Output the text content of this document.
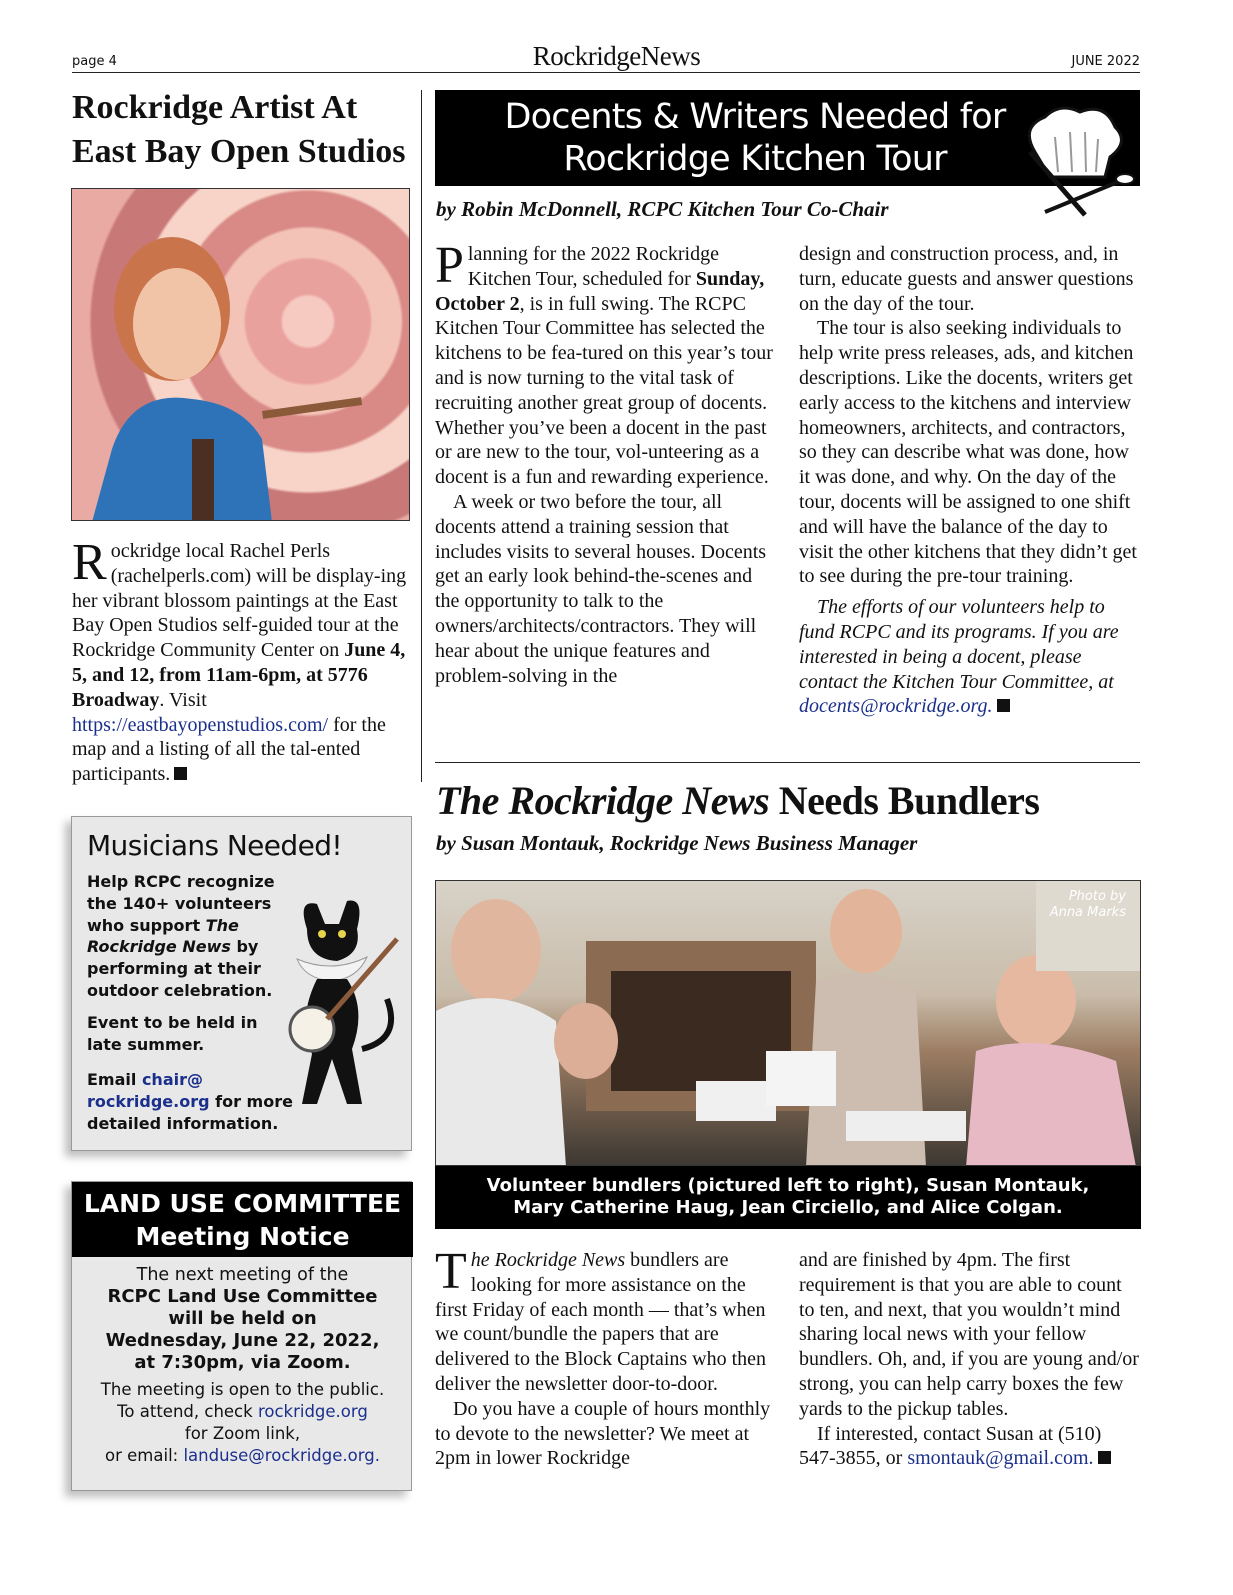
page 4	RockridgeNews	JUNE 2022
Rockridge Artist At
East Bay Open Studios
Rockridge local Rachel Perls (rachelperls.com) will be display-ing her vibrant blossom paintings at the East Bay Open Studios self-guided tour at the Rockridge Community Center on June 4, 5, and 12, from 11am-6pm, at 5776 Broadway. Visit https://eastbayopenstudios.com/ for the map and a listing of all the tal-ented participants.
Musicians Needed!

Help RCPC recognize the 140+ volunteers who support The Rockridge News by performing at their outdoor celebration.

Event to be held in late summer.

Email chair@ rockridge.org for more detailed information.
LAND USE COMMITTEE
Meeting Notice
The next meeting of the
RCPC Land Use Committee
will be held on
Wednesday, June 22, 2022,
at 7:30pm, via Zoom.
The meeting is open to the public.
To attend, check rockridge.org
for Zoom link,
or email: landuse@rockridge.org.
Docents & Writers Needed for
Rockridge Kitchen Tour
by Robin McDonnell, RCPC Kitchen Tour Co-Chair
Planning for the 2022 Rockridge Kitchen Tour, scheduled for Sunday, October 2, is in full swing. The RCPC Kitchen Tour Committee has selected the kitchens to be fea-tured on this year’s tour and is now turning to the vital task of recruiting another great group of docents. Whether you’ve been a docent in the past or are new to the tour, vol-unteering as a docent is a fun and rewarding experience.
A week or two before the tour, all docents attend a training session that includes visits to several houses. Docents get an early look behind-the-scenes and the opportunity to talk to the owners/architects/contractors. They will hear about the unique features and problem-solving in the
design and construction process, and, in turn, educate guests and answer questions on the day of the tour.
The tour is also seeking individuals to help write press releases, ads, and kitchen descriptions. Like the docents, writers get early access to the kitchens and interview homeowners, architects, and contractors, so they can describe what was done, how it was done, and why. On the day of the tour, docents will be assigned to one shift and will have the balance of the day to visit the other kitchens that they didn’t get to see during the pre-tour training.
The efforts of our volunteers help to fund RCPC and its programs. If you are interested in being a docent, please contact the Kitchen Tour Committee, at docents@rockridge.org.
The Rockridge News Needs Bundlers
by Susan Montauk, Rockridge News Business Manager
Photo by
Anna Marks
Volunteer bundlers (pictured left to right), Susan Montauk,
Mary Catherine Haug, Jean Circiello, and Alice Colgan.
The Rockridge News bundlers are looking for more assistance on the first Friday of each month — that’s when we count/bundle the papers that are delivered to the Block Captains who then deliver the newsletter door-to-door.
Do you have a couple of hours monthly to devote to the newsletter? We meet at 2pm in lower Rockridge
and are finished by 4pm. The first requirement is that you are able to count to ten, and next, that you wouldn’t mind sharing local news with your fellow bundlers. Oh, and, if you are young and/or strong, you can help carry boxes the few yards to the pickup tables.
If interested, contact Susan at (510) 547-3855, or smontauk@gmail.com.
